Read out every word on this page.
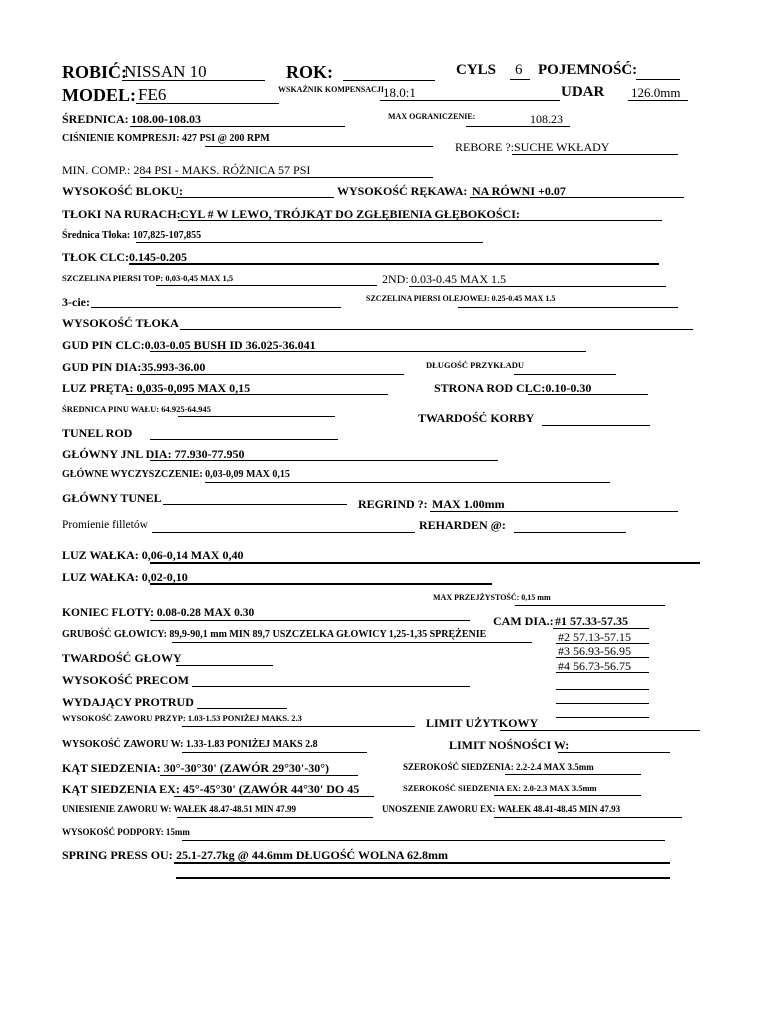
ROBIĆ:
NISSAN 10	ROK:	CYLS 6 POJEMNOŚĆ:
MODEL: FE6	WSKAŹNIK KOMPENSACJI
18.0:1	UDAR 126.0mm
ŚREDNICA: 108.00-108.03	MAX OGRANICZENIE:	108.23
CIŚNIENIE KOMPRESJI: 427 PSI @ 200 RPM
REBORE ?: SUCHE WKŁADY
MIN. COMP.: 284 PSI - MAKS. RÓŻNICA 57 PSI
WYSOKOŚĆ BLOKU:	WYSOKOŚĆ RĘKAWA: NA RÓWNI +0.07
TŁOKI NA RURACH: CYL # W LEWO, TRÓJKĄT DO ZGŁĘBIENIA GŁĘBOKOŚCI:
Średnica Tłoka: 107,825-107,855
TŁOK CLC: 0.145-0.205
SZCZELINA PIERSI TOP: 0,03-0,45 MAX 1,5	2ND: 0.03-0.45 MAX 1.5
3-cie:	SZCZELINA PIERSI OLEJOWEJ: 0.25-0.45 MAX 1.5
WYSOKOŚĆ TŁOKA
GUD PIN CLC:0.03-0.05 BUSH ID 36.025-36.041
GUD PIN DIA:35.993-36.00	DŁUGOŚĆ PRZYKŁADU
LUZ PRĘTA: 0,035-0,095 MAX 0,15	STRONA ROD CLC:0.10-0.30
ŚREDNICA PINU WAŁU: 64.925-64.945
TWARDOŚĆ KORBY
TUNEL ROD
GŁÓWNY JNL DIA: 77.930-77.950
GŁÓWNE WYCZYSZCZENIE: 0,03-0,09 MAX 0,15
GŁÓWNY TUNEL	REGRIND ?: MAX 1.00mm
Promienie filletów	REHARDEN @:
LUZ WAŁKA: 0,06-0,14 MAX 0,40
LUZ WAŁKA: 0,02-0,10
MAX PRZEJŻYSTOŚĆ: 0,15 mm
KONIEC FLOTY: 0.08-0.28 MAX 0.30
CAM DIA.: #1 57.33-57.35
GRUBOŚĆ GŁOWICY: 89,9-90,1 mm MIN 89,7 USZCZELKA GŁOWICY 1,25-1,35 SPRĘŻENIE	#2 57.13-57.15
TWARDOŚĆ GŁOWY	#3 56.93-56.95
#4 56.73-56.75
WYSOKOŚĆ PRECOM
WYDAJĄCY PROTRUD
WYSOKOŚĆ ZAWORU PRZYP: 1.03-1.53 PONIŻEJ MAKS. 2.3	LIMIT UŻYTKOWY
WYSOKOŚĆ ZAWORU W: 1.33-1.83 PONIŻEJ MAKS 2.8	LIMIT NOŚNOŚCI W:
KĄT SIEDZENIA: 30°-30°30' (ZAWÓR 29°30'-30°)	SZEROKOŚĆ SIEDZENIA: 2.2-2.4 MAX 3.5mm
KĄT SIEDZENIA EX: 45°-45°30' (ZAWÓR 44°30' DO 45	SZEROKOŚĆ SIEDZENIA EX: 2.0-2.3 MAX 3.5mm
UNIESIENIE ZAWORU W: WAŁEK 48.47-48.51 MIN 47.99	UNOSZENIE ZAWORU EX: WAŁEK 48.41-48.45 MIN 47.93
WYSOKOŚĆ PODPORY: 15mm
SPRING PRESS OU: 25.1-27.7kg @ 44.6mm DŁUGOŚĆ WOLNA 62.8mm
